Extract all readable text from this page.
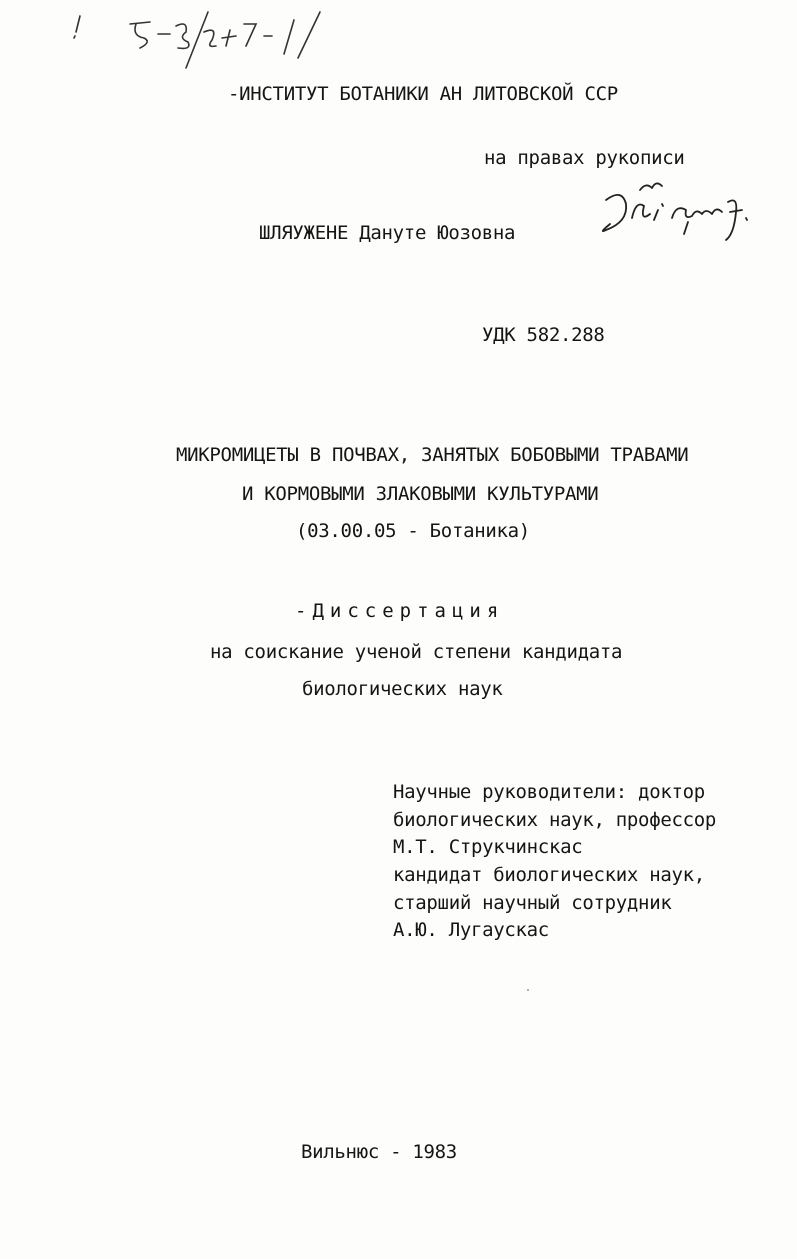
-ИНСТИТУТ БОТАНИКИ АН ЛИТОВСКОЙ ССР
на правах рукописи
ШЛЯУЖЕНЕ Дануте Юозовна
Шл. авт.
УДК 582.288
МИКРОМИЦЕТЫ В ПОЧВАХ, ЗАНЯТЫХ БОБОВЫМИ ТРАВАМИ
И КОРМОВЫМИ ЗЛАКОВЫМИ КУЛЬТУРАМИ
(03.00.05 - Ботаника)
-Диссертация
на соискание ученой степени кандидата
биологических наук
Научные руководители: доктор
биологических наук, профессор
М.Т. Струкчинскас
кандидат биологических наук,
старший научный сотрудник
А.Ю. Лугаускас
Вильнюс - 1983
